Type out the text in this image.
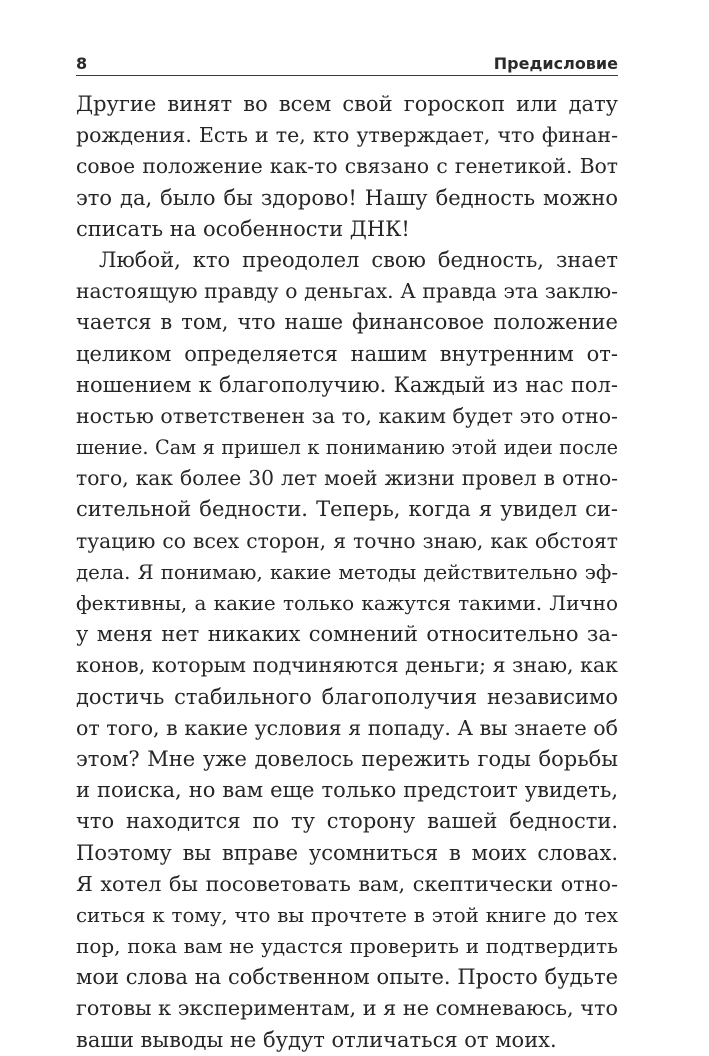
8	Предисловие
Другие винят во всем свой гороскоп или дату
рождения. Есть и те, кто утверждает, что финан-
совое положение как-то связано с генетикой. Вот
это да, было бы здорово! Нашу бедность можно
списать на особенности ДНК!
Любой, кто преодолел свою бедность, знает
настоящую правду о деньгах. А правда эта заклю-
чается в том, что наше финансовое положение
целиком определяется нашим внутренним от-
ношением к благополучию. Каждый из нас пол-
ностью ответственен за то, каким будет это отно-
шение. Сам я пришел к пониманию этой идеи после
того, как более 30 лет моей жизни провел в отно-
сительной бедности. Теперь, когда я увидел си-
туацию со всех сторон, я точно знаю, как обстоят
дела. Я понимаю, какие методы действительно эф-
фективны, а какие только кажутся такими. Лично
у меня нет никаких сомнений относительно за-
конов, которым подчиняются деньги; я знаю, как
достичь стабильного благополучия независимо
от того, в какие условия я попаду. А вы знаете об
этом? Мне уже довелось пережить годы борьбы
и поиска, но вам еще только предстоит увидеть,
что находится по ту сторону вашей бедности.
Поэтому вы вправе усомниться в моих словах.
Я хотел бы посоветовать вам, скептически отно-
ситься к тому, что вы прочтете в этой книге до тех
пор, пока вам не удастся проверить и подтвердить
мои слова на собственном опыте. Просто будьте
готовы к экспериментам, и я не сомневаюсь, что
ваши выводы не будут отличаться от моих.
